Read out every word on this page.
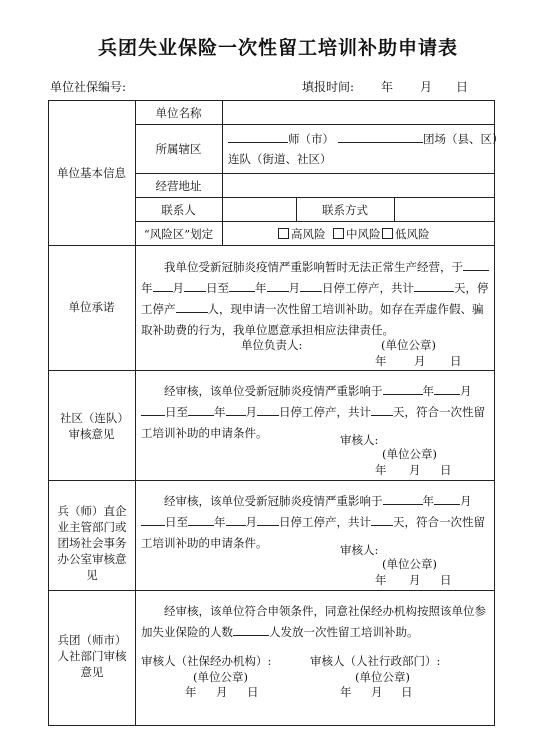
兵团失业保险一次性留工培训补助申请表
单位社保编号:	填报时间: 年 月 日
单位基本信息
单位名称
所属辖区
师（市）	团场（县、区）
连队（街道、社区）
经营地址
联系人	联系方式
“风险区”划定	高风险	中风险	低风险
单位承诺
我单位受新冠肺炎疫情严重影响暂时无法正常生产经营，于年 月 日至 年 月 日停工停产，共计	天，停工停产	人，现申请一次性留工培训补助。如存在弄虚作假、骗取补助费的行为，我单位愿意承担相应法律责任。
单位负责人:	(单位公章)
年 月 日
社区（连队）审核意见
经审核，该单位受新冠肺炎疫情严重影响于	年 月日至 年 月 日停工停产，共计 天，符合一次性留工培训补助的申请条件。	审核人:
(单位公章)
年 月 日
兵（师）直企业主管部门或团场社会事务办公室审核意见
经审核，该单位受新冠肺炎疫情严重影响于	年 月日至 年 月 日停工停产，共计 天，符合一次性留工培训补助的申请条件。	审核人:
(单位公章)
年 月 日
兵团（师市）人社部门审核意见
经审核，该单位符合申领条件，同意社保经办机构按照该单位参加失业保险的人数	人发放一次性留工培训补助。
审核人（社保经办机构）:
(单位公章)
年 月 日
审核人（人社行政部门）:
(单位公章)
年 月 日
